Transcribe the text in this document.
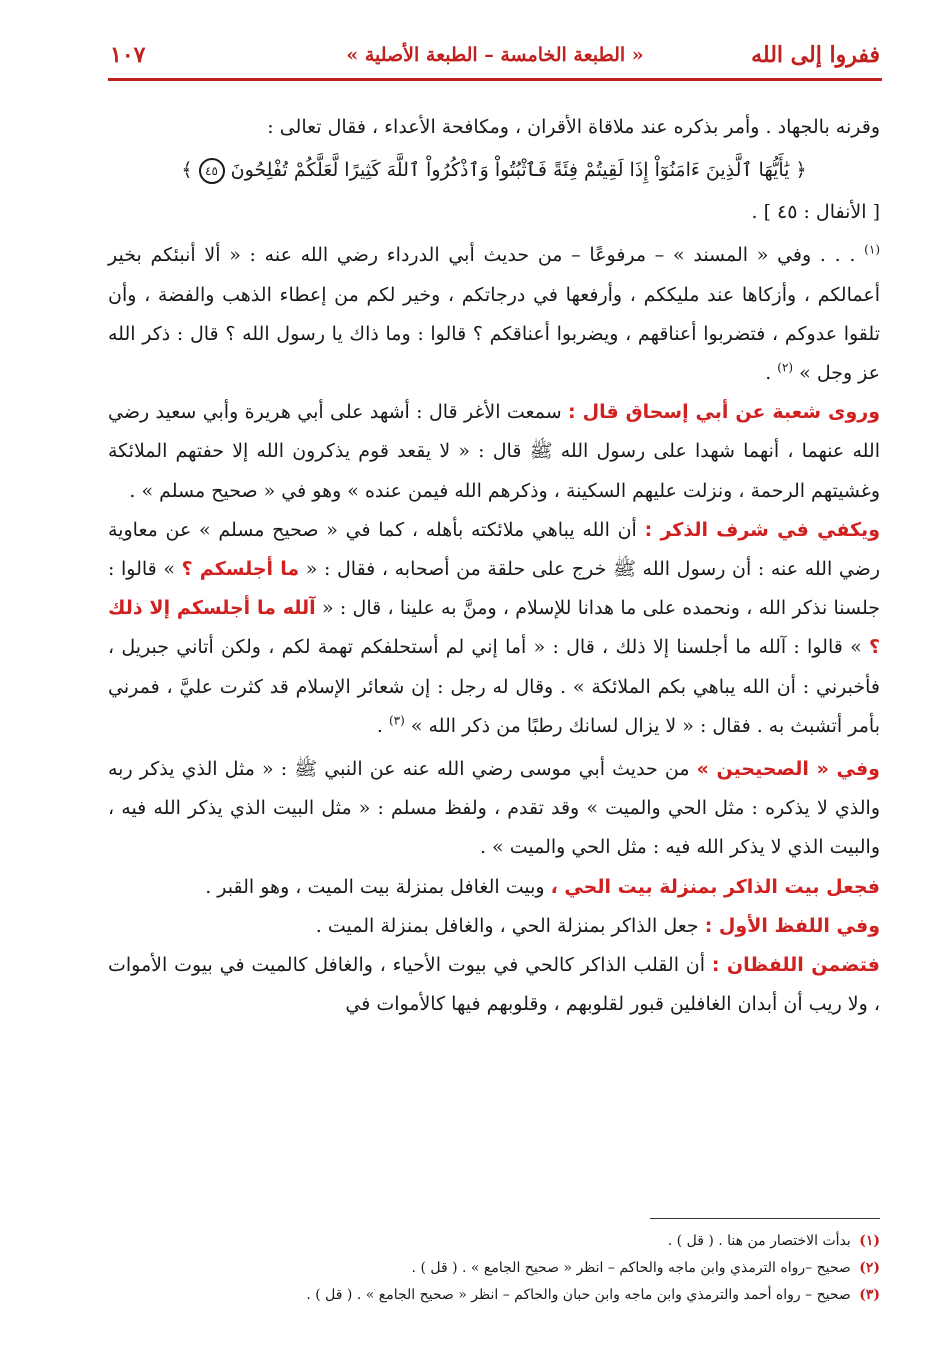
ففروا إلى الله
« الطبعة الخامسة – الطبعة الأصلية »
١٠٧

وقرنه بالجهاد . وأمر بذكره عند ملاقاة الأقران ، ومكافحة الأعداء ، فقال تعالى :

﴿ يَٰأَيُّهَا ٱلَّذِينَ ءَامَنُوٓاْ إِذَا لَقِيتُمْ فِئَةً فَٱثْبُتُواْ وَٱذْكُرُواْ ٱللَّهَ كَثِيرًا لَّعَلَّكُمْ تُفْلِحُونَ ٤٥ ﴾

[ الأنفال : ٤٥ ] .

$^{(١)}$ . . . وفي « المسند » – مرفوعًا – من حديث أبي الدرداء رضي الله عنه : « ألا أنبئكم بخير أعمالكم ، وأزكاها عند مليككم ، وأرفعها في درجاتكم ، وخير لكم من إعطاء الذهب والفضة ، وأن تلقوا عدوكم ، فتضربوا أعناقهم ، ويضربوا أعناقكم ؟ قالوا : وما ذاك يا رسول الله ؟ قال : ذكر الله عز وجل » $^{(٢)}$ .

وروى شعبة عن أبي إسحاق قال : سمعت الأغر قال : أشهد على أبي هريرة وأبي سعيد رضي الله عنهما ، أنهما شهدا على رسول الله ﷺ قال : « لا يقعد قوم يذكرون الله إلا حفتهم الملائكة وغشيتهم الرحمة ، ونزلت عليهم السكينة ، وذكرهم الله فيمن عنده » وهو في « صحيح مسلم » .

ويكفي في شرف الذكر : أن الله يباهي ملائكته بأهله ، كما في « صحيح مسلم » عن معاوية رضي الله عنه : أن رسول الله ﷺ خرج على حلقة من أصحابه ، فقال : « ما أجلسكم ؟ » قالوا : جلسنا نذكر الله ، ونحمده على ما هدانا للإسلام ، ومنَّ به علينا ، قال : « آلله ما أجلسكم إلا ذلك ؟ » قالوا : آلله ما أجلسنا إلا ذلك ، قال : « أما إني لم أستحلفكم تهمة لكم ، ولكن أتاني جبريل ، فأخبرني : أن الله يباهي بكم الملائكة » . وقال له رجل : إن شعائر الإسلام قد كثرت عليَّ ، فمرني بأمر أتشبث به . فقال : « لا يزال لسانك رطبًا من ذكر الله » $^{(٣)}$ .

وفي « الصحيحين » من حديث أبي موسى رضي الله عنه عن النبي ﷺ : « مثل الذي يذكر ربه والذي لا يذكره : مثل الحي والميت » وقد تقدم ، ولفظ مسلم : « مثل البيت الذي يذكر الله فيه ، والبيت الذي لا يذكر الله فيه : مثل الحي والميت » .

فجعل بيت الذاكر بمنزلة بيت الحي ، وبيت الغافل بمنزلة بيت الميت ، وهو القبر .

وفي اللفظ الأول : جعل الذاكر بمنزلة الحي ، والغافل بمنزلة الميت .

فتضمن اللفظان : أن القلب الذاكر كالحي في بيوت الأحياء ، والغافل كالميت في بيوت الأموات ، ولا ريب أن أبدان الغافلين قبور لقلوبهم ، وقلوبهم فيها كالأموات في

(١) بدأت الاختصار من هنا . ( قل ) .

(٢) صحيح –رواه الترمذي وابن ماجه والحاكم – انظر « صحيح الجامع » . ( قل ) .

(٣) صحيح – رواه أحمد والترمذي وابن ماجه وابن حبان والحاكم – انظر « صحيح الجامع » . ( قل ) .
